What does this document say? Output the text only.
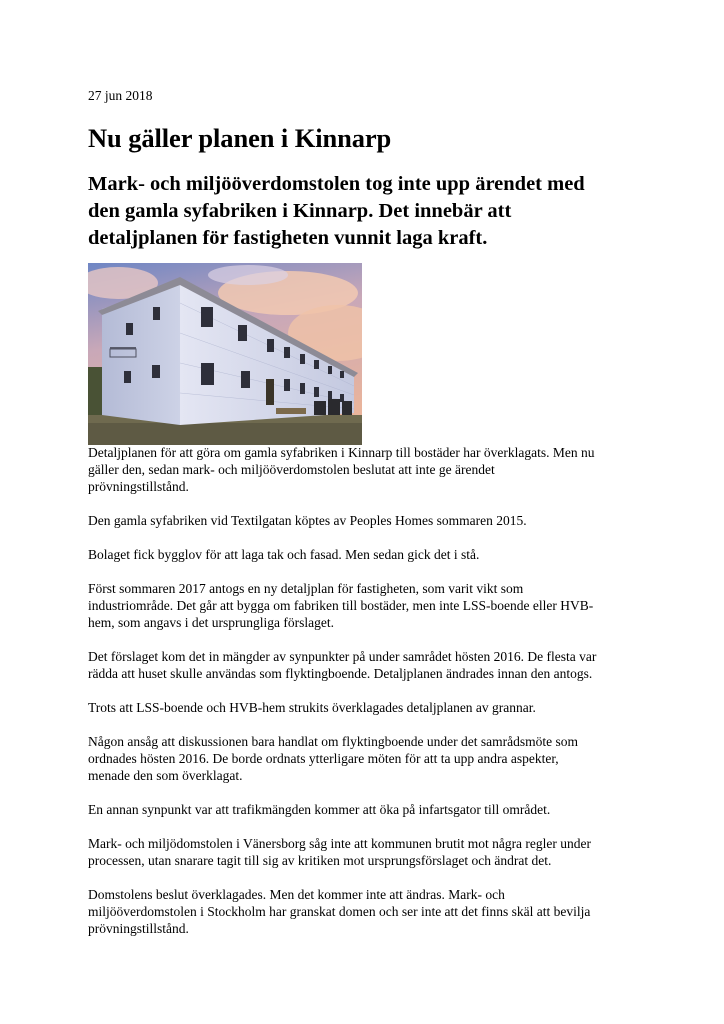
27 jun 2018
Nu gäller planen i Kinnarp
Mark- och miljööverdomstolen tog inte upp ärendet med
den gamla syfabriken i Kinnarp. Det innebär att
detaljplanen för fastigheten vunnit laga kraft.

Detaljplanen för att göra om gamla syfabriken i Kinnarp till bostäder har överklagats. Men nu
gäller den, sedan mark- och miljööverdomstolen beslutat att inte ge ärendet
prövningstillstånd.

Den gamla syfabriken vid Textilgatan köptes av Peoples Homes sommaren 2015.

Bolaget fick bygglov för att laga tak och fasad. Men sedan gick det i stå.

Först sommaren 2017 antogs en ny detaljplan för fastigheten, som varit vikt som
industriområde. Det går att bygga om fabriken till bostäder, men inte LSS-boende eller HVB-
hem, som angavs i det ursprungliga förslaget.

Det förslaget kom det in mängder av synpunkter på under samrådet hösten 2016. De flesta var
rädda att huset skulle användas som flyktingboende. Detaljplanen ändrades innan den antogs.

Trots att LSS-boende och HVB-hem strukits överklagades detaljplanen av grannar.

Någon ansåg att diskussionen bara handlat om flyktingboende under det samrådsmöte som
ordnades hösten 2016. De borde ordnats ytterligare möten för att ta upp andra aspekter,
menade den som överklagat.

En annan synpunkt var att trafikmängden kommer att öka på infartsgator till området.

Mark- och miljödomstolen i Vänersborg såg inte att kommunen brutit mot några regler under
processen, utan snarare tagit till sig av kritiken mot ursprungsförslaget och ändrat det.

Domstolens beslut överklagades. Men det kommer inte att ändras. Mark- och
miljööverdomstolen i Stockholm har granskat domen och ser inte att det finns skäl att bevilja
prövningstillstånd.
